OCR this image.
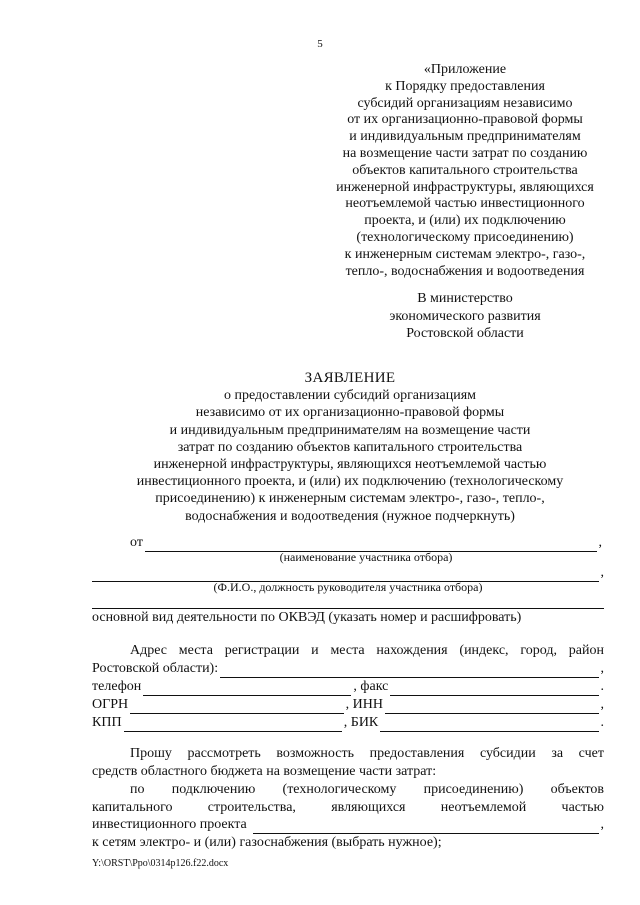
5
«Приложение
к Порядку предоставления
субсидий организациям независимо
от их организационно-правовой формы
и индивидуальным предпринимателям
на возмещение части затрат по созданию
объектов капитального строительства
инженерной инфраструктуры, являющихся
неотъемлемой частью инвестиционного
проекта, и (или) их подключению
(технологическому присоединению)
к инженерным системам электро-, газо-,
тепло-, водоснабжения и водоотведения
В министерство
экономического развития
Ростовской области
ЗАЯВЛЕНИЕ
о предоставлении субсидий организациям
независимо от их организационно-правовой формы
и индивидуальным предпринимателям на возмещение части
затрат по созданию объектов капитального строительства
инженерной инфраструктуры, являющихся неотъемлемой частью
инвестиционного проекта, и (или) их подключению (технологическому
присоединению) к инженерным системам электро-, газо-, тепло-,
водоснабжения и водоотведения (нужное подчеркнуть)
от	,
(наименование участника отбора)
,
(Ф.И.О., должность руководителя участника отбора)
основной вид деятельности по ОКВЭД (указать номер и расшифровать)
Адрес места регистрации и места нахождения (индекс, город, район
Ростовской области):	,
телефон	, факс	.
ОГРН	, ИНН	,
КПП	, БИК	.
Прошу рассмотреть возможность предоставления субсидии за счет
средств областного бюджета на возмещение части затрат:
по подключению (технологическому присоединению) объектов
капитального	строительства,	являющихся	неотъемлемой	частью
инвестиционного проекта	,
к сетям электро- и (или) газоснабжения (выбрать нужное);
Y:\ORST\Ppo\0314p126.f22.docx
